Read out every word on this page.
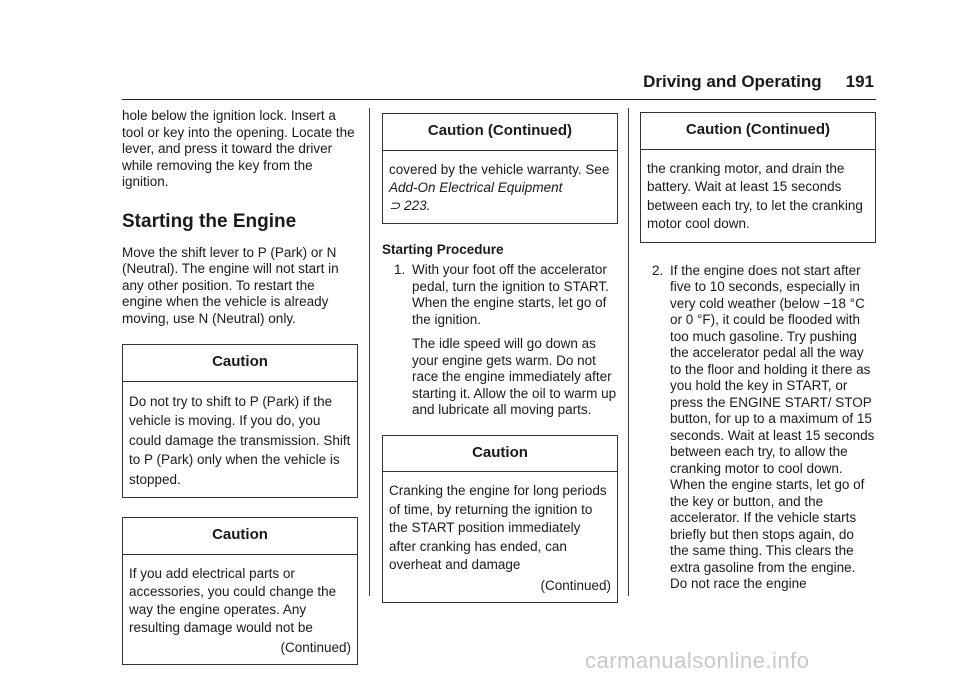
Driving and Operating 191

hole below the ignition lock. Insert a tool or key into the opening. Locate the lever, and press it toward the driver while removing the key from the ignition.

Starting the Engine

Move the shift lever to P (Park) or N (Neutral). The engine will not start in any other position. To restart the engine when the vehicle is already moving, use N (Neutral) only.

Caution
Do not try to shift to P (Park) if the vehicle is moving. If you do, you could damage the transmission. Shift to P (Park) only when the vehicle is stopped.
Caution
If you add electrical parts or accessories, you could change the way the engine operates. Any resulting damage would not be
(Continued)
Caution (Continued)
covered by the vehicle warranty. See Add-On Electrical Equipment
⊃ 223.
Starting Procedure
1. With your foot off the accelerator pedal, turn the ignition to START. When the engine starts, let go of the ignition.

The idle speed will go down as your engine gets warm. Do not race the engine immediately after starting it. Allow the oil to warm up and lubricate all moving parts.

Caution
Cranking the engine for long periods of time, by returning the ignition to the START position immediately after cranking has ended, can overheat and damage
(Continued)
Caution (Continued)
the cranking motor, and drain the battery. Wait at least 15 seconds between each try, to let the cranking motor cool down.
2. If the engine does not start after five to 10 seconds, especially in very cold weather (below −18 °C or 0 °F), it could be flooded with too much gasoline. Try pushing the accelerator pedal all the way to the floor and holding it there as you hold the key in START, or press the ENGINE START/ STOP button, for up to a maximum of 15 seconds. Wait at least 15 seconds between each try, to allow the cranking motor to cool down. When the engine starts, let go of the key or button, and the accelerator. If the vehicle starts briefly but then stops again, do the same thing. This clears the extra gasoline from the engine. Do not race the engine
carmanualsonline.info
